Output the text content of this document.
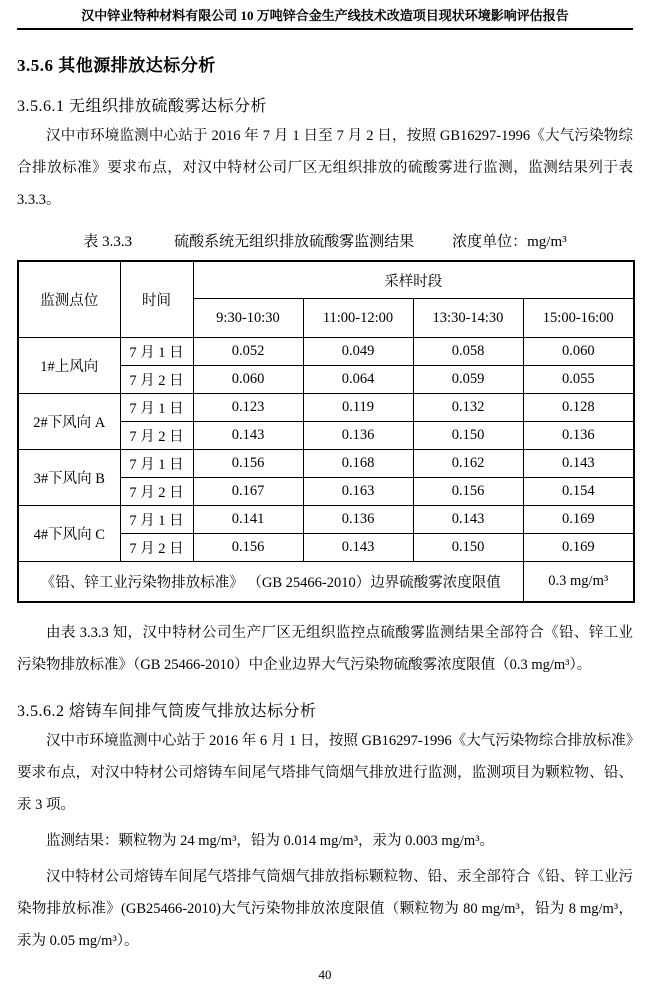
汉中锌业特种材料有限公司 10 万吨锌合金生产线技术改造项目现状环境影响评估报告
3.5.6 其他源排放达标分析
3.5.6.1 无组织排放硫酸雾达标分析

汉中市环境监测中心站于 2016 年 7 月 1 日至 7 月 2 日，按照 GB16297-1996《大气污染物综合排放标准》要求布点，对汉中特材公司厂区无组织排放的硫酸雾进行监测，监测结果列于表 3.3.3。

表 3.3.3	硫酸系统无组织排放硫酸雾监测结果	浓度单位：mg/m³
监测点位	时间	采样时段			
		9:30-10:30	11:00-12:00	13:30-14:30	15:00-16:00
1#上风向	7 月 1 日	0.052	0.049	0.058	0.060
	7 月 2 日	0.060	0.064	0.059	0.055
2#下风向 A	7 月 1 日	0.123	0.119	0.132	0.128
	7 月 2 日	0.143	0.136	0.150	0.136
3#下风向 B	7 月 1 日	0.156	0.168	0.162	0.143
	7 月 2 日	0.167	0.163	0.156	0.154
4#下风向 C	7 月 1 日	0.141	0.136	0.143	0.169
	7 月 2 日	0.156	0.143	0.150	0.169
《铅、锌工业污染物排放标准》 （GB 25466-2010）边界硫酸雾浓度限值					0.3 mg/m³

由表 3.3.3 知，汉中特材公司生产厂区无组织监控点硫酸雾监测结果全部符合《铅、锌工业污染物排放标准》（GB 25466-2010）中企业边界大气污染物硫酸雾浓度限值（0.3 mg/m³）。

3.5.6.2 熔铸车间排气筒废气排放达标分析

汉中市环境监测中心站于 2016 年 6 月 1 日，按照 GB16297-1996《大气污染物综合排放标准》要求布点，对汉中特材公司熔铸车间尾气塔排气筒烟气排放进行监测，监测项目为颗粒物、铅、汞 3 项。

监测结果：颗粒物为 24 mg/m³，铅为 0.014 mg/m³，汞为 0.003 mg/m³。

汉中特材公司熔铸车间尾气塔排气筒烟气排放指标颗粒物、铅、汞全部符合《铅、锌工业污染物排放标准》(GB25466-2010)大气污染物排放浓度限值（颗粒物为 80 mg/m³，铅为 8 mg/m³，汞为 0.05 mg/m³）。

40
